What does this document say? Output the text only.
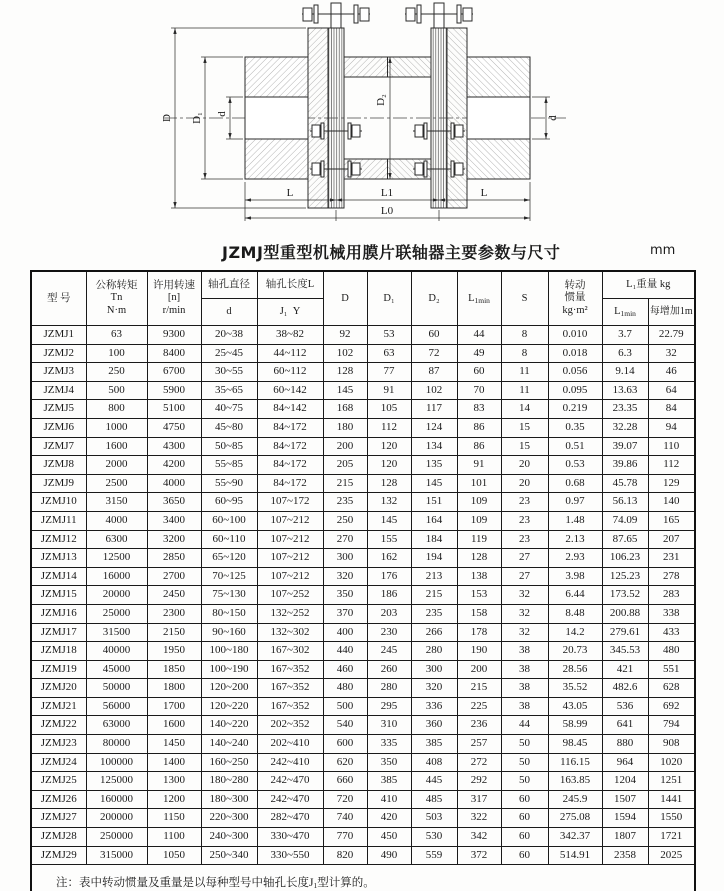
D D₁ d
D₂
d
L	L1	L
L0
JZMJ型重型机械用膜片联轴器主要参数与尺寸	mm
型 号	
公称转矩
Tn
N·m

许用转速
[n]
r/min
	轴孔直径	轴孔长度L	D	D₁	D₂	$L_{1min}$	S	
转动
惯量
kg·m²
	L₁重量 kg
			d	J₁ Y							$L_{1min}$	每增加1m
JZMJ1	63	9300	20~38	38~82	92	53	60	44	8	0.010	3.7	22.79
JZMJ2	100	8400	25~45	44~112	102	63	72	49	8	0.018	6.3	32
JZMJ3	250	6700	30~55	60~112	128	77	87	60	11	0.056	9.14	46
JZMJ4	500	5900	35~65	60~142	145	91	102	70	11	0.095	13.63	64
JZMJ5	800	5100	40~75	84~142	168	105	117	83	14	0.219	23.35	84
JZMJ6	1000	4750	45~80	84~172	180	112	124	86	15	0.35	32.28	94
JZMJ7	1600	4300	50~85	84~172	200	120	134	86	15	0.51	39.07	110
JZMJ8	2000	4200	55~85	84~172	205	120	135	91	20	0.53	39.86	112
JZMJ9	2500	4000	55~90	84~172	215	128	145	101	20	0.68	45.78	129
JZMJ10	3150	3650	60~95	107~172	235	132	151	109	23	0.97	56.13	140
JZMJ11	4000	3400	60~100	107~212	250	145	164	109	23	1.48	74.09	165
JZMJ12	6300	3200	60~110	107~212	270	155	184	119	23	2.13	87.65	207
JZMJ13	12500	2850	65~120	107~212	300	162	194	128	27	2.93	106.23	231
JZMJ14	16000	2700	70~125	107~212	320	176	213	138	27	3.98	125.23	278
JZMJ15	20000	2450	75~130	107~252	350	186	215	153	32	6.44	173.52	283
JZMJ16	25000	2300	80~150	132~252	370	203	235	158	32	8.48	200.88	338
JZMJ17	31500	2150	90~160	132~302	400	230	266	178	32	14.2	279.61	433
JZMJ18	40000	1950	100~180	167~302	440	245	280	190	38	20.73	345.53	480
JZMJ19	45000	1850	100~190	167~352	460	260	300	200	38	28.56	421	551
JZMJ20	50000	1800	120~200	167~352	480	280	320	215	38	35.52	482.6	628
JZMJ21	56000	1700	120~220	167~352	500	295	336	225	38	43.05	536	692
JZMJ22	63000	1600	140~220	202~352	540	310	360	236	44	58.99	641	794
JZMJ23	80000	1450	140~240	202~410	600	335	385	257	50	98.45	880	908
JZMJ24	100000	1400	160~250	242~410	620	350	408	272	50	116.15	964	1020
JZMJ25	125000	1300	180~280	242~470	660	385	445	292	50	163.85	1204	1251
JZMJ26	160000	1200	180~300	242~470	720	410	485	317	60	245.9	1507	1441
JZMJ27	200000	1150	220~300	282~470	740	420	503	322	60	275.08	1594	1550
JZMJ28	250000	1100	240~300	330~470	770	450	530	342	60	342.37	1807	1721
JZMJ29	315000	1050	250~340	330~550	820	490	559	372	60	514.91	2358	2025
注：表中转动惯量及重量是以每种型号中轴孔长度$J_1$型计算的。												
